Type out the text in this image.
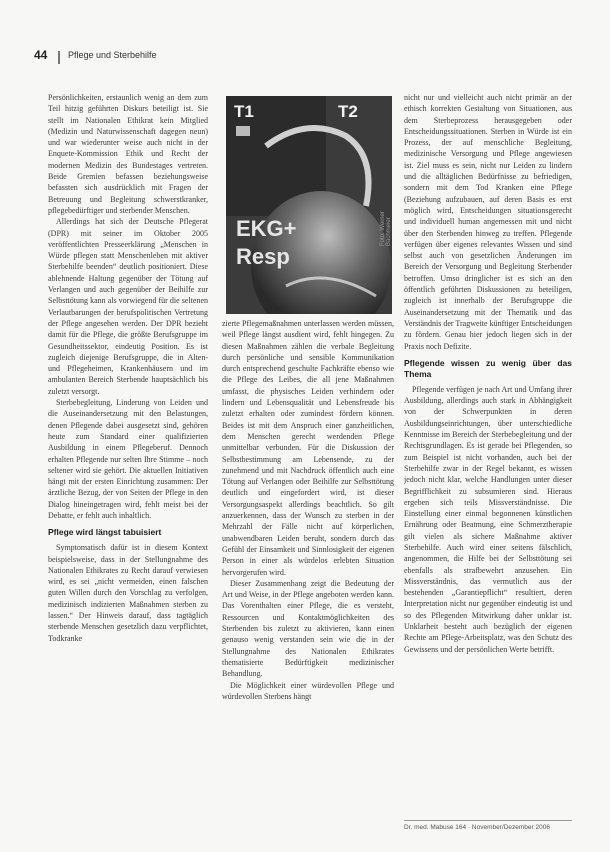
44 Pflege und Sterbehilfe

Persönlichkeiten, erstaunlich wenig an dem zum Teil hitzig geführten Diskurs beteiligt ist. Sie stellt im Nationalen Ethikrat kein Mitglied (Medizin und Naturwissenschaft dagegen neun) und war wiederunter weise auch nicht in der Enquete-Kommission Ethik und Recht der modernen Medizin des Bundestages vertreten. Beide Gremien befassen beziehungsweise befassten sich ausdrücklich mit Fragen der Betreuung und Begleitung schwerstkranker, pflegebedürftiger und sterbender Menschen.

Allerdings hat sich der Deutsche Pflegerat (DPR) mit seiner im Oktober 2005 veröffentlichten Presseerklärung „Menschen in Würde pflegen statt Menschenleben mit aktiver Sterbehilfe beenden“ deutlich positioniert. Diese ablehnende Haltung gegenüber der Tötung auf Verlangen und auch gegenüber der Beihilfe zur Selbsttötung kann als vorwiegend für die seltenen Verlautbarungen der berufspolitischen Vertretung der Pflege angesehen werden. Der DPR bezieht damit für die Pflege, die größte Berufsgruppe im Gesundheitssektor, eindeutig Position. Es ist zugleich diejenige Berufsgruppe, die in Alten- und Pflegeheimen, Krankenhäusern und im ambulanten Bereich Sterbende hauptsächlich bis zuletzt versorgt.

Sterbebegleitung, Linderung von Leiden und die Auseinandersetzung mit den Belastungen, denen Pflegende dabei ausgesetzt sind, gehören heute zum Standard einer qualifizierten Ausbildung in einem Pflegeberuf. Dennoch erhalten Pflegende nur selten Ihre Stimme – noch seltener wird sie gehört. Die aktuellen Initiativen hängt mit der ersten Einrichtung zusammen: Der ärztliche Bezug, der von Seiten der Pflege in den Dialog hineingetragen wird, fehlt meist bei der Debatte, er fehlt auch inhaltlich.

Pflege wird längst tabuisiert

Symptomatisch dafür ist in diesem Kontext beispielsweise, dass in der Stellungnahme des Nationalen Ethikrates zu Recht darauf verwiesen wird, es sei „nicht vermeiden, einen falschen guten Willen durch den Vorschlag zu verfolgen, medizinisch indizierten Maßnahmen sterben zu lassen.“ Der Hinweis darauf, dass tagtäglich sterbende Menschen gesetzlich dazu verpflichtet, Todkranke

T1	T2
EKG+
Resp
Foto: Werner Bachmeier

zierte Pflegemaßnahmen unterlassen werden müssen, weil Pflege längst ausdient wird, fehlt hingegen. Zu diesen Maßnahmen zählen die verbale Begleitung durch persönliche und sensible Kommunikation durch entsprechend geschulte Fachkräfte ebenso wie die Pflege des Leibes, die all jene Maßnahmen umfasst, die physisches Leiden verhindern oder lindern und Lebensqualität und Lebensfreude bis zuletzt erhalten oder zumindest fördern können. Beides ist mit dem Anspruch einer ganzheitlichen, dem Menschen gerecht werdenden Pflege unmittelbar verbunden. Für die Diskussion der Selbstbestimmung am Lebensende, zu der zunehmend und mit Nachdruck öffentlich auch eine Tötung auf Verlangen oder Beihilfe zur Selbsttötung deutlich und eingefordert wird, ist dieser Versorgungsaspekt allerdings beachtlich. So gilt anzuerkennen, dass der Wunsch zu sterben in der Mehrzahl der Fälle nicht auf körperlichen, unabwendbaren Leiden beruht, sondern durch das Gefühl der Einsamkeit und Sinnlosigkeit der eigenen Person in einer als würdelos erlebten Situation hervorgerufen wird.

Dieser Zusammenhang zeigt die Bedeutung der Art und Weise, in der Pflege angeboten werden kann. Das Vorenthalten einer Pflege, die es versteht, Ressourcen und Kontaktmöglichkeiten des Sterbenden bis zuletzt zu aktivieren, kann einen genauso wenig verstanden sein wie die in der Stellungnahme des Nationalen Ethikrates thematisierte Bedürftigkeit medizinischer Behandlung.

Die Möglichkeit einer würdevollen Pflege und würdevollen Sterbens hängt

nicht nur und vielleicht auch nicht primär an der ethisch korrekten Gestaltung von Situationen, aus dem Sterbeprozess herausgegeben oder Entscheidungssituationen. Sterben in Würde ist ein Prozess, der auf menschliche Begleitung, medizinische Versorgung und Pflege angewiesen ist. Ziel muss es sein, nicht nur Leiden zu lindern und die alltäglichen Bedürfnisse zu befriedigen, sondern mit dem Tod Kranken eine Pflege (Beziehung aufzubauen, auf deren Basis es erst möglich wird, Entscheidungen situationsgerecht und individuell human angemessen mit und nicht über den Sterbenden hinweg zu treffen. Pflegende verfügen über eigenes relevantes Wissen und sind selbst auch von gesetzlichen Änderungen im Bereich der Versorgung und Begleitung Sterbender betroffen. Umso dringlicher ist es sich an den öffentlich geführten Diskussionen zu beteiligen, zugleich ist innerhalb der Berufsgruppe die Auseinandersetzung mit der Thematik und das Verständnis der Tragweite künftiger Entscheidungen zu fördern. Genau hier jedoch liegen sich in der Praxis noch Defizite.

Pflegende wissen zu wenig über das Thema

Pflegende verfügen je nach Art und Umfang ihrer Ausbildung, allerdings auch stark in Abhängigkeit von der Schwerpunkten in deren Ausbildungseinrichtungen, über unterschiedliche Kenntnisse im Bereich der Sterbebegleitung und der Rechtsgrundlagen. Es ist gerade bei Pflegenden, so zum Beispiel ist nicht vorhanden, auch bei der Sterbehilfe zwar in der Regel bekannt, es wissen jedoch nicht klar, welche Handlungen unter dieser Begrifflichkeit zu subsumieren sind. Hieraus ergeben sich teils Missverständnisse. Die Einstellung einer einmal begonnenen künstlichen Ernährung oder Beatmung, eine Schmerztherapie gilt vielen als sichere Maßnahme aktiver Sterbehilfe. Auch wird einer seitens fälschlich, angenommen, die Hilfe bei der Selbsttötung sei ebenfalls als strafbewehrt anzusehen. Ein Missverständnis, das vermutlich aus der bestehenden „Garantiepflicht“ resultiert, deren Interpretation nicht nur gegenüber eindeutig ist und so des Pflegenden Mitwirkung daher unklar ist. Unklarheit besteht auch bezüglich der eigenen Rechte am Pflege-Arbeitsplatz, was den Schutz des Gewissens und der persönlichen Werte betrifft.

Dr. med. Mabuse 164 · November/Dezember 2006
